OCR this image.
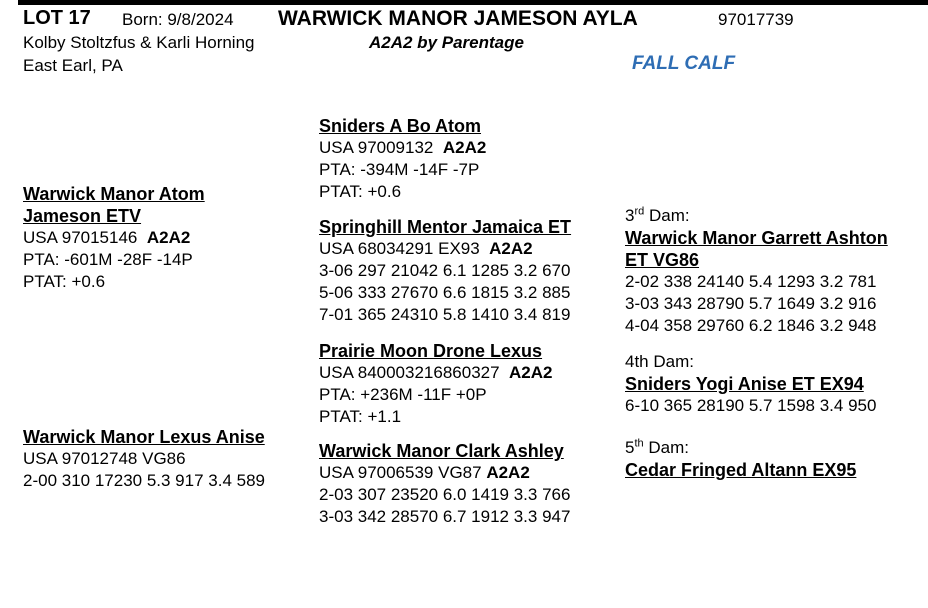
LOT 17 Born: 9/8/2024 WARWICK MANOR JAMESON AYLA	97017739
Kolby Stoltzfus & Karli Horning	A2A2 by Parentage
East Earl, PA	FALL CALF
Warwick Manor Atom
Jameson ETV
USA 97015146 A2A2
PTA: -601M -28F -14P
PTAT: +0.6
Warwick Manor Lexus Anise
USA 97012748 VG86
2-00 310 17230 5.3 917 3.4 589
Sniders A Bo Atom
USA 97009132 A2A2
PTA: -394M -14F -7P
PTAT: +0.6
Springhill Mentor Jamaica ET
USA 68034291 EX93 A2A2
3-06 297 21042 6.1 1285 3.2 670
5-06 333 27670 6.6 1815 3.2 885
7-01 365 24310 5.8 1410 3.4 819
Prairie Moon Drone Lexus
USA 840003216860327 A2A2
PTA: +236M -11F +0P
PTAT: +1.1
Warwick Manor Clark Ashley
USA 97006539 VG87 A2A2
2-03 307 23520 6.0 1419 3.3 766
3-03 342 28570 6.7 1912 3.3 947
3rd Dam:
Warwick Manor Garrett Ashton
ET VG86
2-02 338 24140 5.4 1293 3.2 781
3-03 343 28790 5.7 1649 3.2 916
4-04 358 29760 6.2 1846 3.2 948
4th Dam:
Sniders Yogi Anise ET EX94
6-10 365 28190 5.7 1598 3.4 950
5th Dam:
Cedar Fringed Altann EX95
